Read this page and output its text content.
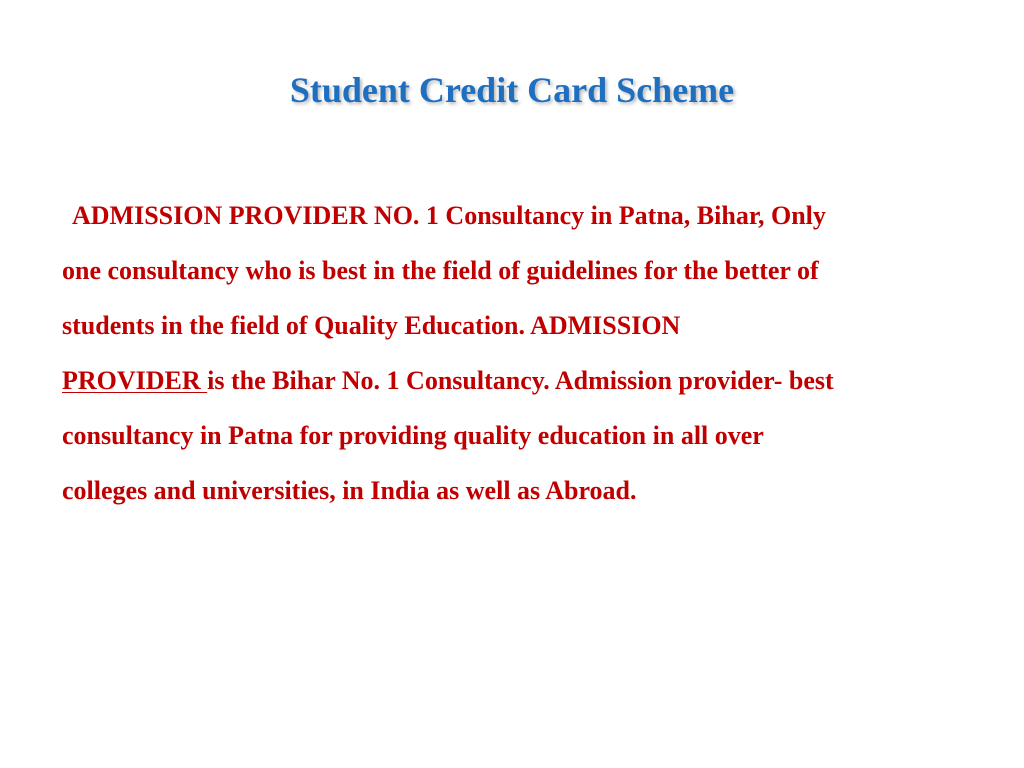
Student Credit Card Scheme
ADMISSION PROVIDER NO. 1 Consultancy in Patna, Bihar, Only
one consultancy who is best in the field of guidelines for the better of
students in the field of Quality Education. ADMISSION
PROVIDER is the Bihar No. 1 Consultancy. Admission provider- best
consultancy in Patna for providing quality education in all over
colleges and universities, in India as well as Abroad.
